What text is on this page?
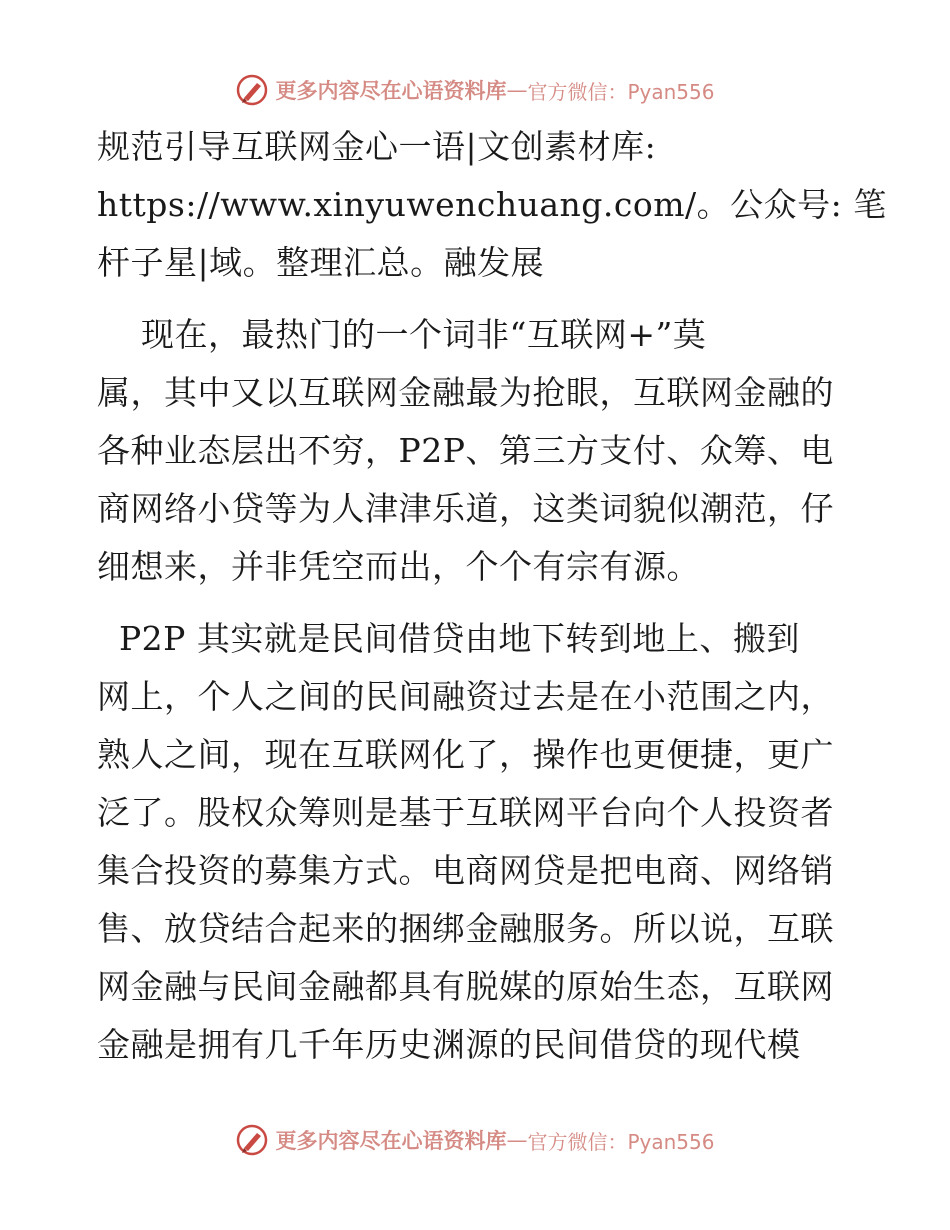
更多内容尽在心语资料库 — 官方微信：Pyan556
规范引导互联网金心一语|文创素材库:
https://www.xinyuwenchuang.com/。公众号: 笔
杆子星|域。整理汇总。融发展
现在，最热门的一个词非“互联网+”莫
属，其中又以互联网金融最为抢眼，互联网金融的
各种业态层出不穷，P2P、第三方支付、众筹、电
商网络小贷等为人津津乐道，这类词貌似潮范，仔
细想来，并非凭空而出，个个有宗有源。
P2P 其实就是民间借贷由地下转到地上、搬到
网上，个人之间的民间融资过去是在小范围之内，
熟人之间，现在互联网化了，操作也更便捷，更广
泛了。股权众筹则是基于互联网平台向个人投资者
集合投资的募集方式。电商网贷是把电商、网络销
售、放贷结合起来的捆绑金融服务。所以说，互联
网金融与民间金融都具有脱媒的原始生态，互联网
金融是拥有几千年历史渊源的民间借贷的现代模
更多内容尽在心语资料库 — 官方微信：Pyan556
